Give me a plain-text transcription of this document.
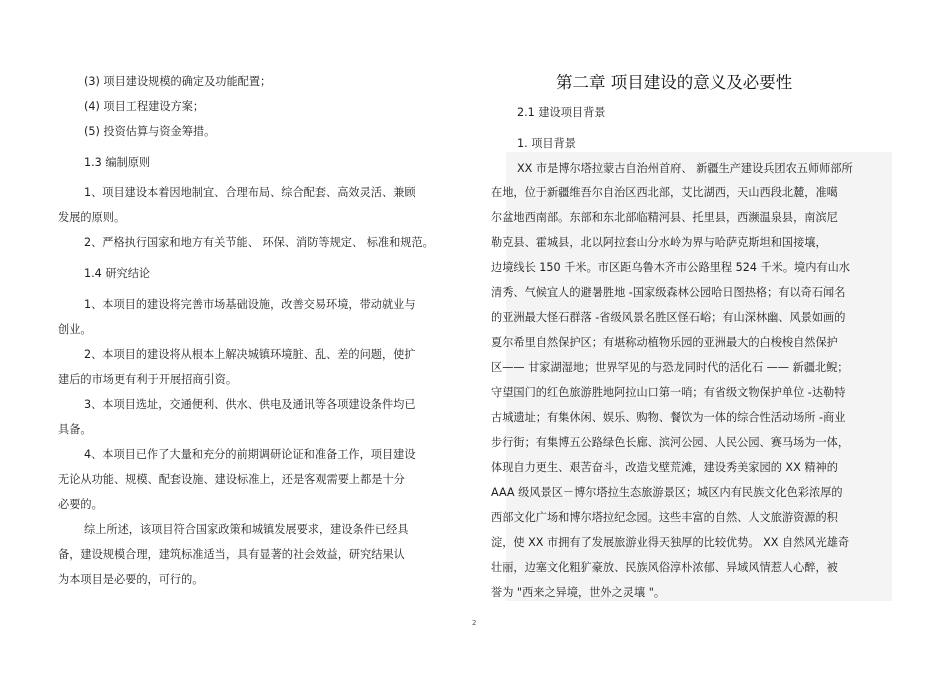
(3) 项目建设规模的确定及功能配置；
(4) 项目工程建设方案；
(5) 投资估算与资金筹措。
1.3 编制原则
1、项目建设本着因地制宜、合理布局、综合配套、高效灵活、兼顾
发展的原则。
2、严格执行国家和地方有关节能、 环保、消防等规定、 标准和规范。
1.4 研究结论
1、本项目的建设将完善市场基础设施，改善交易环境，带动就业与
创业。
2、本项目的建设将从根本上解决城镇环境脏、乱、差的问题，使扩
建后的市场更有利于开展招商引资。
3、本项目选址，交通便利、供水、供电及通讯等各项建设条件均已
具备。
4、本项目已作了大量和充分的前期调研论证和准备工作，项目建设
无论从功能、规模、配套设施、建设标准上，还是客观需要上都是十分
必要的。
综上所述，该项目符合国家政策和城镇发展要求，建设条件已经具
备，建设规模合理，建筑标准适当，具有显著的社会效益，研究结果认
为本项目是必要的，可行的。
第二章 项目建设的意义及必要性
2.1 建设项目背景
1. 项目背景
XX 市是博尔塔拉蒙古自治州首府、 新疆生产建设兵团农五师师部所
在地，位于新疆维吾尔自治区西北部，艾比湖西，天山西段北麓，准噶
尔盆地西南部。东部和东北部临精河县、托里县，西濒温泉县，南滨尼
勒克县、霍城县，北以阿拉套山分水岭为界与哈萨克斯坦和国接壤，
边境线长 150 千米。市区距乌鲁木齐市公路里程 524 千米。境内有山水
清秀、气候宜人的避暑胜地 -国家级森林公园哈日图热格；有以奇石闻名
的亚洲最大怪石群落 -省级风景名胜区怪石峪；有山深林幽、风景如画的
夏尔希里自然保护区；有堪称动植物乐园的亚洲最大的白梭梭自然保护
区—— 甘家湖湿地；世界罕见的与恐龙同时代的活化石 —— 新疆北鲵；
守望国门的红色旅游胜地阿拉山口第一哨；有省级文物保护单位 -达勒特
古城遗址；有集休闲、娱乐、购物、餐饮为一体的综合性活动场所 -商业
步行街；有集博五公路绿色长廊、滨河公园、人民公园、赛马场为一体，
体现自力更生、艰苦奋斗，改造戈壁荒滩，建设秀美家园的 XX 精神的
AAA 级风景区－博尔塔拉生态旅游景区；城区内有民族文化色彩浓厚的
西部文化广场和博尔塔拉纪念园。这些丰富的自然、人文旅游资源的积
淀，使 XX 市拥有了发展旅游业得天独厚的比较优势。 XX 自然风光雄奇
壮丽，边塞文化粗犷豪放、民族风俗淳朴浓郁、异域风情惹人心醉，被
誉为 "西来之异境，世外之灵壤 "。
2
